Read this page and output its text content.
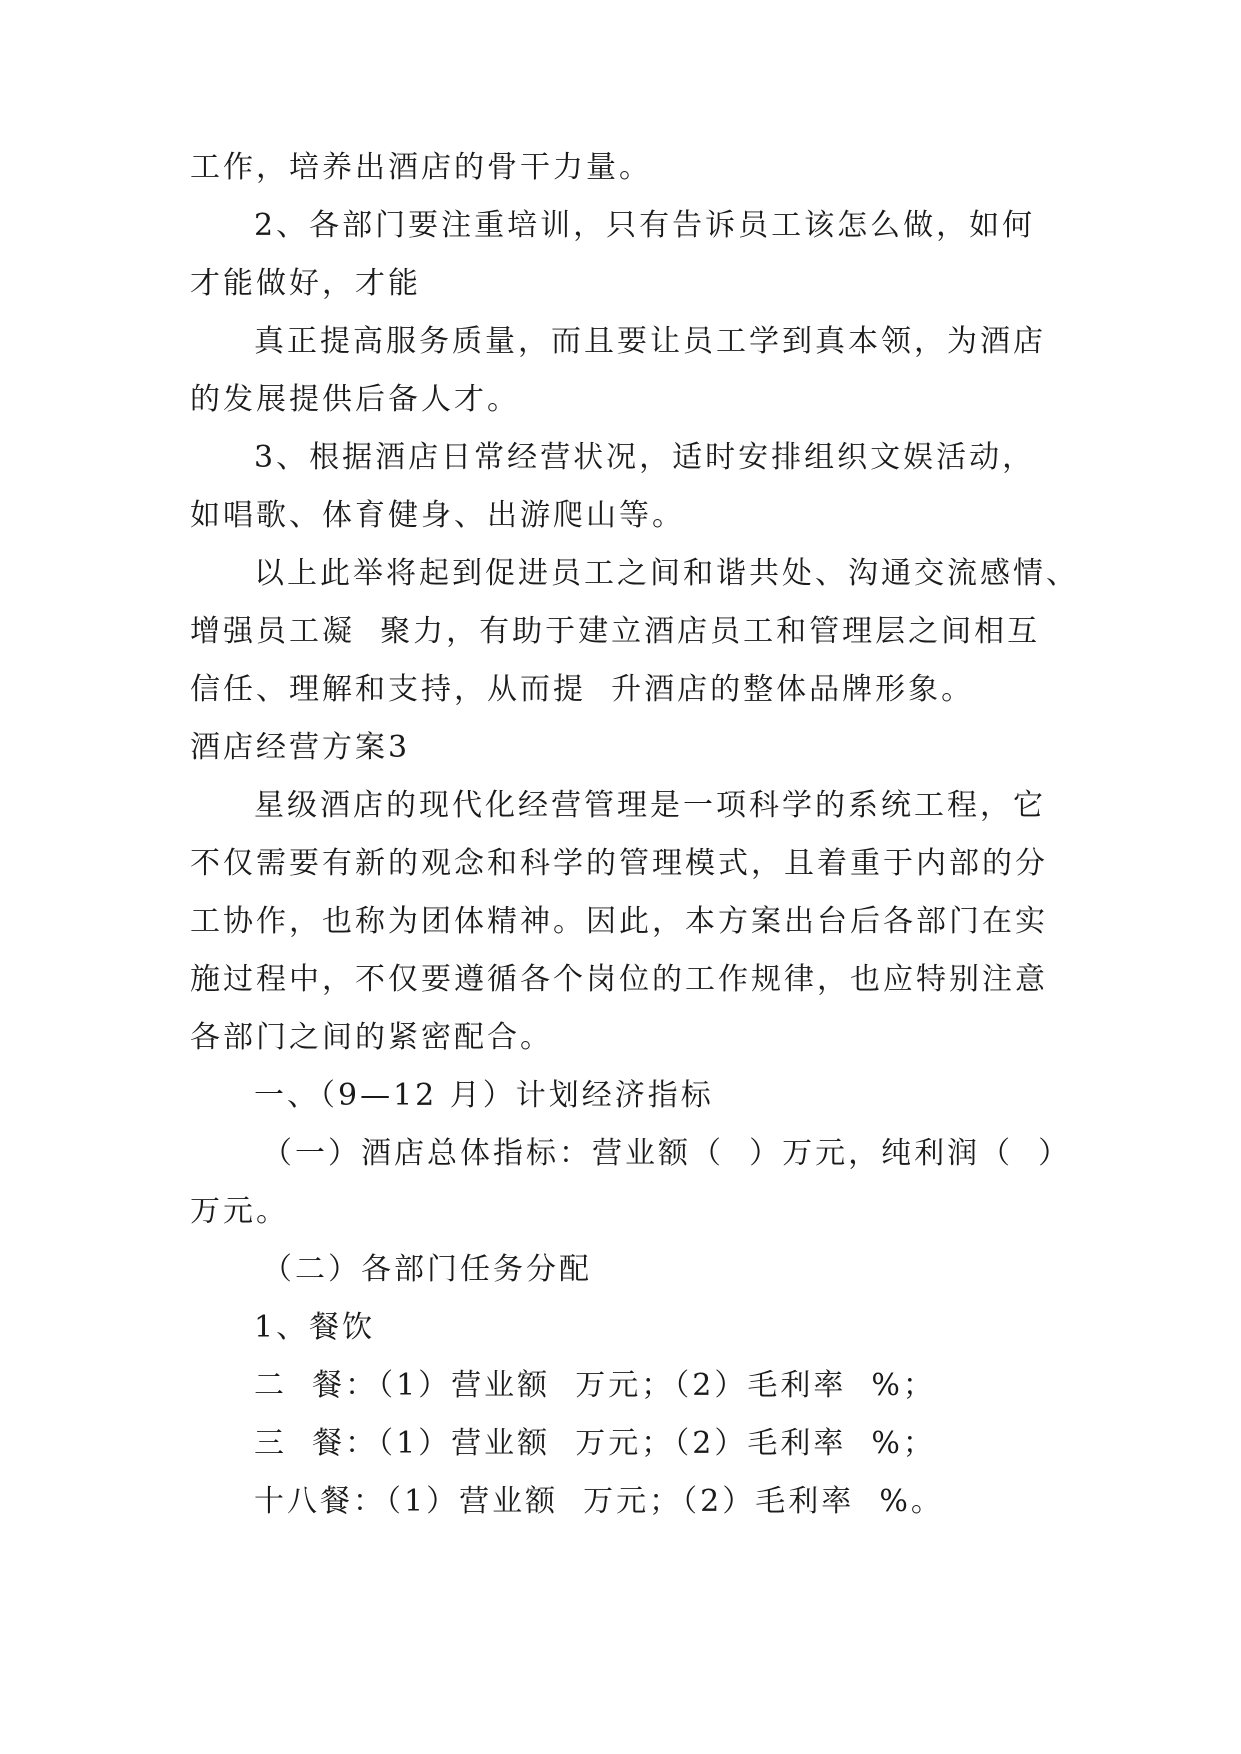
工作，培养出酒店的骨干力量。
2、各部门要注重培训，只有告诉员工该怎么做，如何
才能做好，才能
真正提高服务质量，而且要让员工学到真本领，为酒店
的发展提供后备人才。
3、根据酒店日常经营状况，适时安排组织文娱活动，
如唱歌、体育健身、出游爬山等。
以上此举将起到促进员工之间和谐共处、沟通交流感情、
增强员工凝  聚力，有助于建立酒店员工和管理层之间相互
信任、理解和支持，从而提  升酒店的整体品牌形象。
酒店经营方案3
星级酒店的现代化经营管理是一项科学的系统工程，它
不仅需要有新的观念和科学的管理模式，且着重于内部的分
工协作，也称为团体精神。因此，本方案出台后各部门在实
施过程中，不仅要遵循各个岗位的工作规律，也应特别注意
各部门之间的紧密配合。
一、（9—12 月）计划经济指标
（一）酒店总体指标：营业额（  ）万元，纯利润（  ）
万元。
（二）各部门任务分配
1、餐饮
二  餐：（1）营业额  万元；（2）毛利率  %；
三  餐：（1）营业额  万元；（2）毛利率  %；
十八餐：（1）营业额  万元；（2）毛利率  %。
